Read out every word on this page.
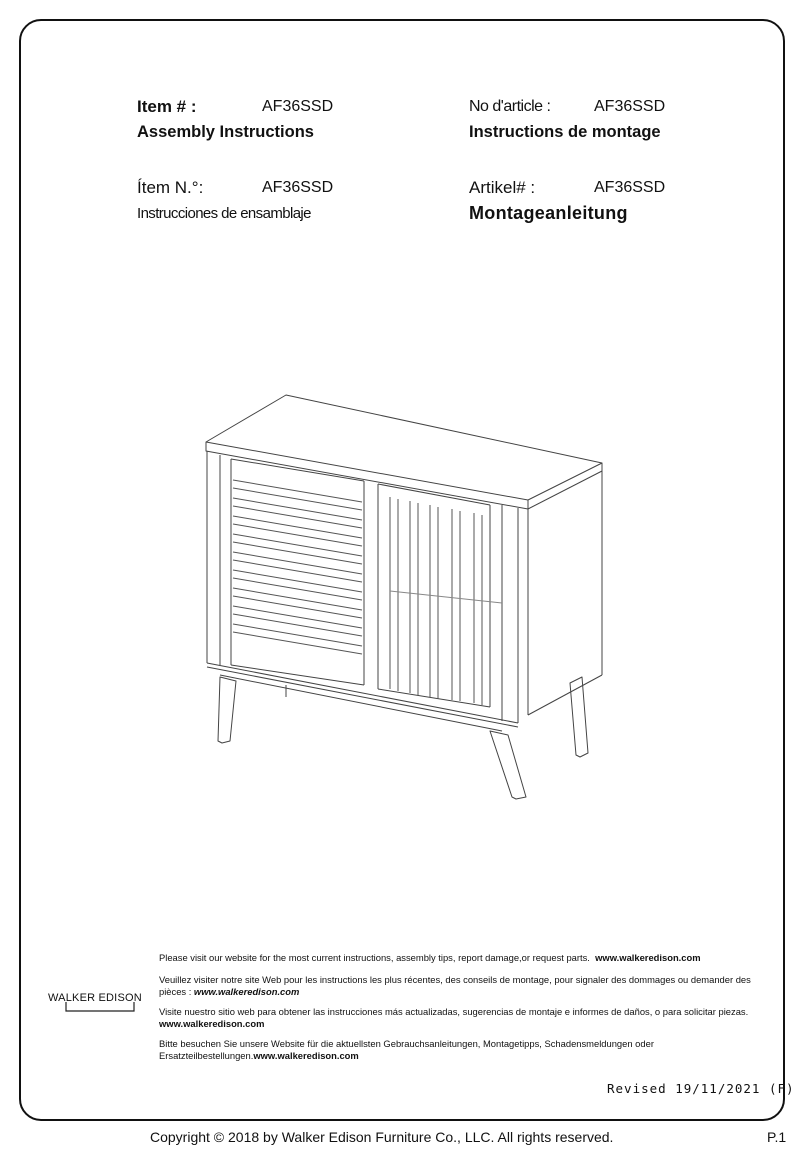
Item # :	AF36SSD
Assembly Instructions
No d'article :	AF36SSD
Instructions de montage
Ítem N.°:	AF36SSD
Instrucciones de ensamblaje
Artikel# :	AF36SSD
Montageanleitung
Please visit our website for the most current instructions, assembly tips, report damage,or request parts. www.walkeredison.com
Veuillez visiter notre site Web pour les instructions les plus récentes, des conseils de montage, pour signaler des dommages ou demander des pièces : www.walkeredison.com
Visite nuestro sitio web para obtener las instrucciones más actualizadas, sugerencias de montaje e informes de daños, o para solicitar piezas. www.walkeredison.com
Bitte besuchen Sie unsere Website für die aktuellsten Gebrauchsanleitungen, Montagetipps, Schadensmeldungen oder Ersatzteilbestellungen.www.walkeredison.com
WALKER EDISON
Revised 19/11/2021 (F)
Copyright © 2018 by Walker Edison Furniture Co., LLC. All rights reserved.	P.1
